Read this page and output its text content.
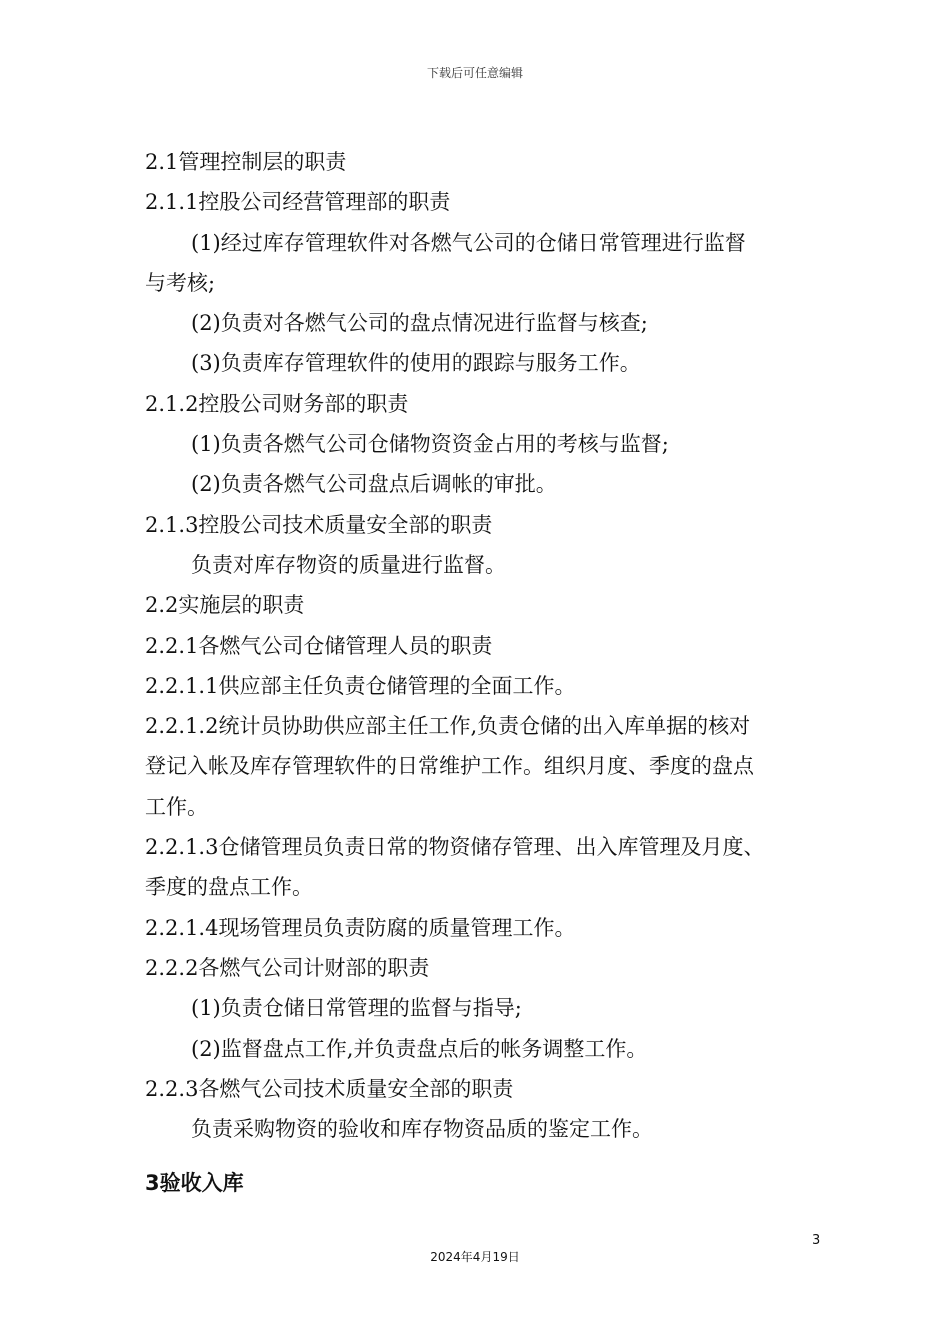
下载后可任意编辑
2.1管理控制层的职责
2.1.1控股公司经营管理部的职责
(1)经过库存管理软件对各燃气公司的仓储日常管理进行监督
与考核;
(2)负责对各燃气公司的盘点情况进行监督与核查;
(3)负责库存管理软件的使用的跟踪与服务工作。
2.1.2控股公司财务部的职责
(1)负责各燃气公司仓储物资资金占用的考核与监督;
(2)负责各燃气公司盘点后调帐的审批。
2.1.3控股公司技术质量安全部的职责
负责对库存物资的质量进行监督。
2.2实施层的职责
2.2.1各燃气公司仓储管理人员的职责
2.2.1.1供应部主任负责仓储管理的全面工作。
2.2.1.2统计员协助供应部主任工作,负责仓储的出入库单据的核对
登记入帐及库存管理软件的日常维护工作。组织月度、季度的盘点
工作。
2.2.1.3仓储管理员负责日常的物资储存管理、出入库管理及月度、
季度的盘点工作。
2.2.1.4现场管理员负责防腐的质量管理工作。
2.2.2各燃气公司计财部的职责
(1)负责仓储日常管理的监督与指导;
(2)监督盘点工作,并负责盘点后的帐务调整工作。
2.2.3各燃气公司技术质量安全部的职责
负责采购物资的验收和库存物资品质的鉴定工作。
3验收入库
3
2024年4月19日
